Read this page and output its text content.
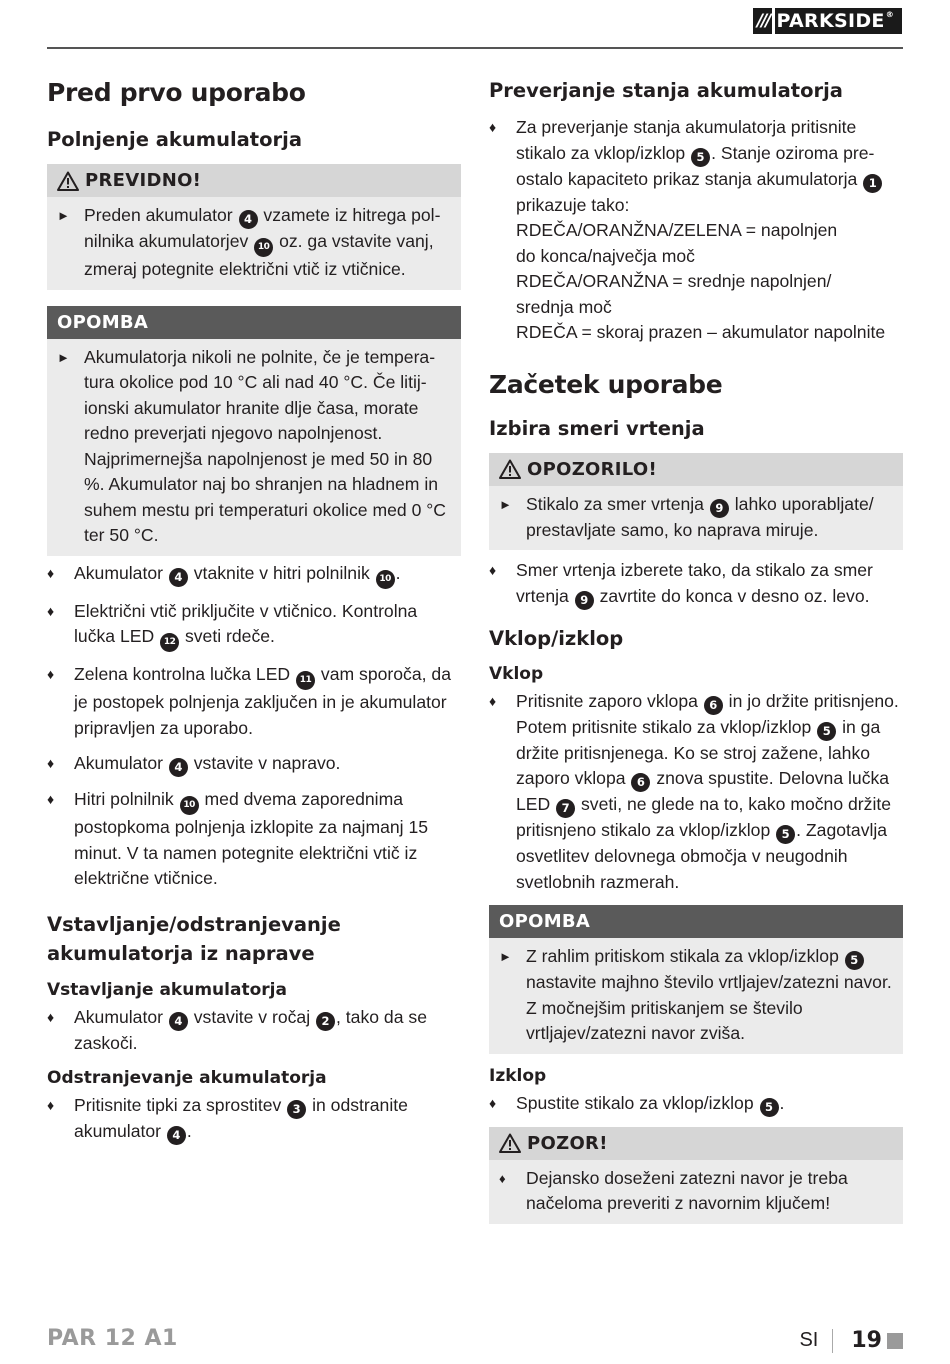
/// PARKSIDE®
Pred prvo uporabo
Polnjenje akumulatorja
PREVIDNO!
► Preden akumulator 4 vzamete iz hitrega polnilnika akumulatorjev 10 oz. ga vstavite vanj, zmeraj potegnite električni vtič iz vtičnice.
OPOMBA
► Akumulatorja nikoli ne polnite, če je temperatura okolice pod 10 °C ali nad 40 °C. Če litij-ionski akumulator hranite dlje časa, morate redno preverjati njegovo napolnjenost. Najprimernejša napolnjenost je med 50 in 80 %. Akumulator naj bo shranjen na hladnem in suhem mestu pri temperaturi okolice med 0 °C ter 50 °C.
♦	Akumulator 4 vtaknite v hitri polnilnik 10 .
♦	Električni vtič priključite v vtičnico. Kontrolna lučka LED 12 sveti rdeče.
♦	Zelena kontrolna lučka LED 11 vam sporoča, da je postopek polnjenja zaključen in je akumulator pripravljen za uporabo.
♦	Akumulator 4 vstavite v napravo.
♦	Hitri polnilnik 10 med dvema zaporednima postopkoma polnjenja izklopite za najmanj 15 minut. V ta namen potegnite električni vtič iz električne vtičnice.
Vstavljanje/odstranjevanje
akumulatorja iz naprave
Vstavljanje akumulatorja
♦	Akumulator 4 vstavite v ročaj 2 , tako da se zaskoči.
Odstranjevanje akumulatorja
♦	Pritisnite tipki za sprostitev 3 in odstranite akumulator 4 .
Preverjanje stanja akumulatorja
♦	Za preverjanje stanja akumulatorja pritisnite stikalo za vklop/izklop 5 . Stanje oziroma preostalo kapaciteto prikaz stanja akumulatorja 1 prikazuje tako:
RDEČA/ORANŽNA/ZELENA = napolnjen
do konca/največja moč
RDEČA/ORANŽNA = srednje napolnjen/
srednja moč
RDEČA = skoraj prazen – akumulator napolnite
Začetek uporabe
Izbira smeri vrtenja
OPOZORILO!
► Stikalo za smer vrtenja 9 lahko uporabljate/ prestavljate samo, ko naprava miruje.
♦	Smer vrtenja izberete tako, da stikalo za smer vrtenja 9 zavrtite do konca v desno oz. levo.
Vklop/izklop
Vklop
♦	Pritisnite zaporo vklopa 6 in jo držite pritisnjeno. Potem pritisnite stikalo za vklop/izklop 5 in ga držite pritisnjenega. Ko se stroj zažene, lahko zaporo vklopa 6 znova spustite. Delovna lučka LED 7 sveti, ne glede na to, kako močno držite pritisnjeno stikalo za vklop/izklop 5 . Zagotavlja osvetlitev delovnega območja v neugodnih svetlobnih razmerah.
OPOMBA
► Z rahlim pritiskom stikala za vklop/izklop 5 nastavite majhno število vrtljajev/zatezni navor. Z močnejšim pritiskanjem se število vrtljajev/zatezni navor zviša.
Izklop
♦	Spustite stikalo za vklop/izklop 5 .
POZOR!
♦	Dejansko doseženi zatezni navor je treba načeloma preveriti z navornim ključem!
PAR 12 A1	SI 19
